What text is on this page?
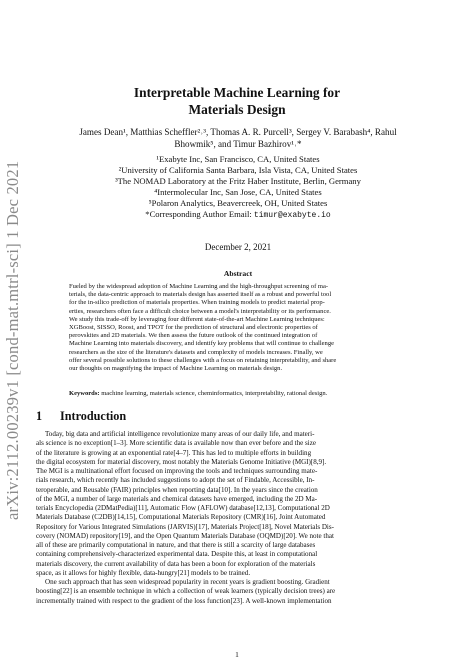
arXiv:2112.00239v1 [cond-mat.mtrl-sci] 1 Dec 2021
Interpretable Machine Learning for
Materials Design
James Dean¹, Matthias Scheffler²˒³, Thomas A. R. Purcell³, Sergey V. Barabash⁴, Rahul
Bhowmik⁵, and Timur Bazhirov¹˒*
¹Exabyte Inc, San Francisco, CA, United States
²University of California Santa Barbara, Isla Vista, CA, United States
³The NOMAD Laboratory at the Fritz Haber Institute, Berlin, Germany
⁴Intermolecular Inc, San Jose, CA, United States
⁵Polaron Analytics, Beavercreek, OH, United States
*Corresponding Author Email: timur@exabyte.io
December 2, 2021
Abstract
Fueled by the widespread adoption of Machine Learning and the high-throughput screening of ma-
terials, the data-centric approach to materials design has asserted itself as a robust and powerful tool
for the in-silico prediction of materials properties. When training models to predict material prop-
erties, researchers often face a difficult choice between a model's interpretability or its performance.
We study this trade-off by leveraging four different state-of-the-art Machine Learning techniques:
XGBoost, SISSO, Roost, and TPOT for the prediction of structural and electronic properties of
perovskites and 2D materials. We then assess the future outlook of the continued integration of
Machine Learning into materials discovery, and identify key problems that will continue to challenge
researchers as the size of the literature's datasets and complexity of models increases. Finally, we
offer several possible solutions to these challenges with a focus on retaining interpretability, and share
our thoughts on magnifying the impact of Machine Learning on materials design.
Keywords: machine learning, materials science, cheminformatics, interpretability, rational design.
1 Introduction
Today, big data and artificial intelligence revolutionize many areas of our daily life, and materi-
als science is no exception[1–3]. More scientific data is available now than ever before and the size
of the literature is growing at an exponential rate[4–7]. This has led to multiple efforts in building
the digital ecosystem for material discovery, most notably the Materials Genome Initiative (MGI)[8,9].
The MGI is a multinational effort focused on improving the tools and techniques surrounding mate-
rials research, which recently has included suggestions to adopt the set of Findable, Accessible, In-
teroperable, and Reusable (FAIR) principles when reporting data[10]. In the years since the creation
of the MGI, a number of large materials and chemical datasets have emerged, including the 2D Ma-
terials Encyclopedia (2DMatPedia)[11], Automatic Flow (AFLOW) database[12,13], Computational 2D
Materials Database (C2DB)[14,15], Computational Materials Repository (CMR)[16], Joint Automated
Repository for Various Integrated Simulations (JARVIS)[17], Materials Project[18], Novel Materials Dis-
covery (NOMAD) repository[19], and the Open Quantum Materials Database (OQMD)[20]. We note that
all of these are primarily computational in nature, and that there is still a scarcity of large databases
containing comprehensively-characterized experimental data. Despite this, at least in computational
materials discovery, the current availability of data has been a boon for exploration of the materials
space, as it allows for highly flexible, data-hungry[21] models to be trained.
One such approach that has seen widespread popularity in recent years is gradient boosting. Gradient
boosting[22] is an ensemble technique in which a collection of weak learners (typically decision trees) are
incrementally trained with respect to the gradient of the loss function[23]. A well-known implementation
1
